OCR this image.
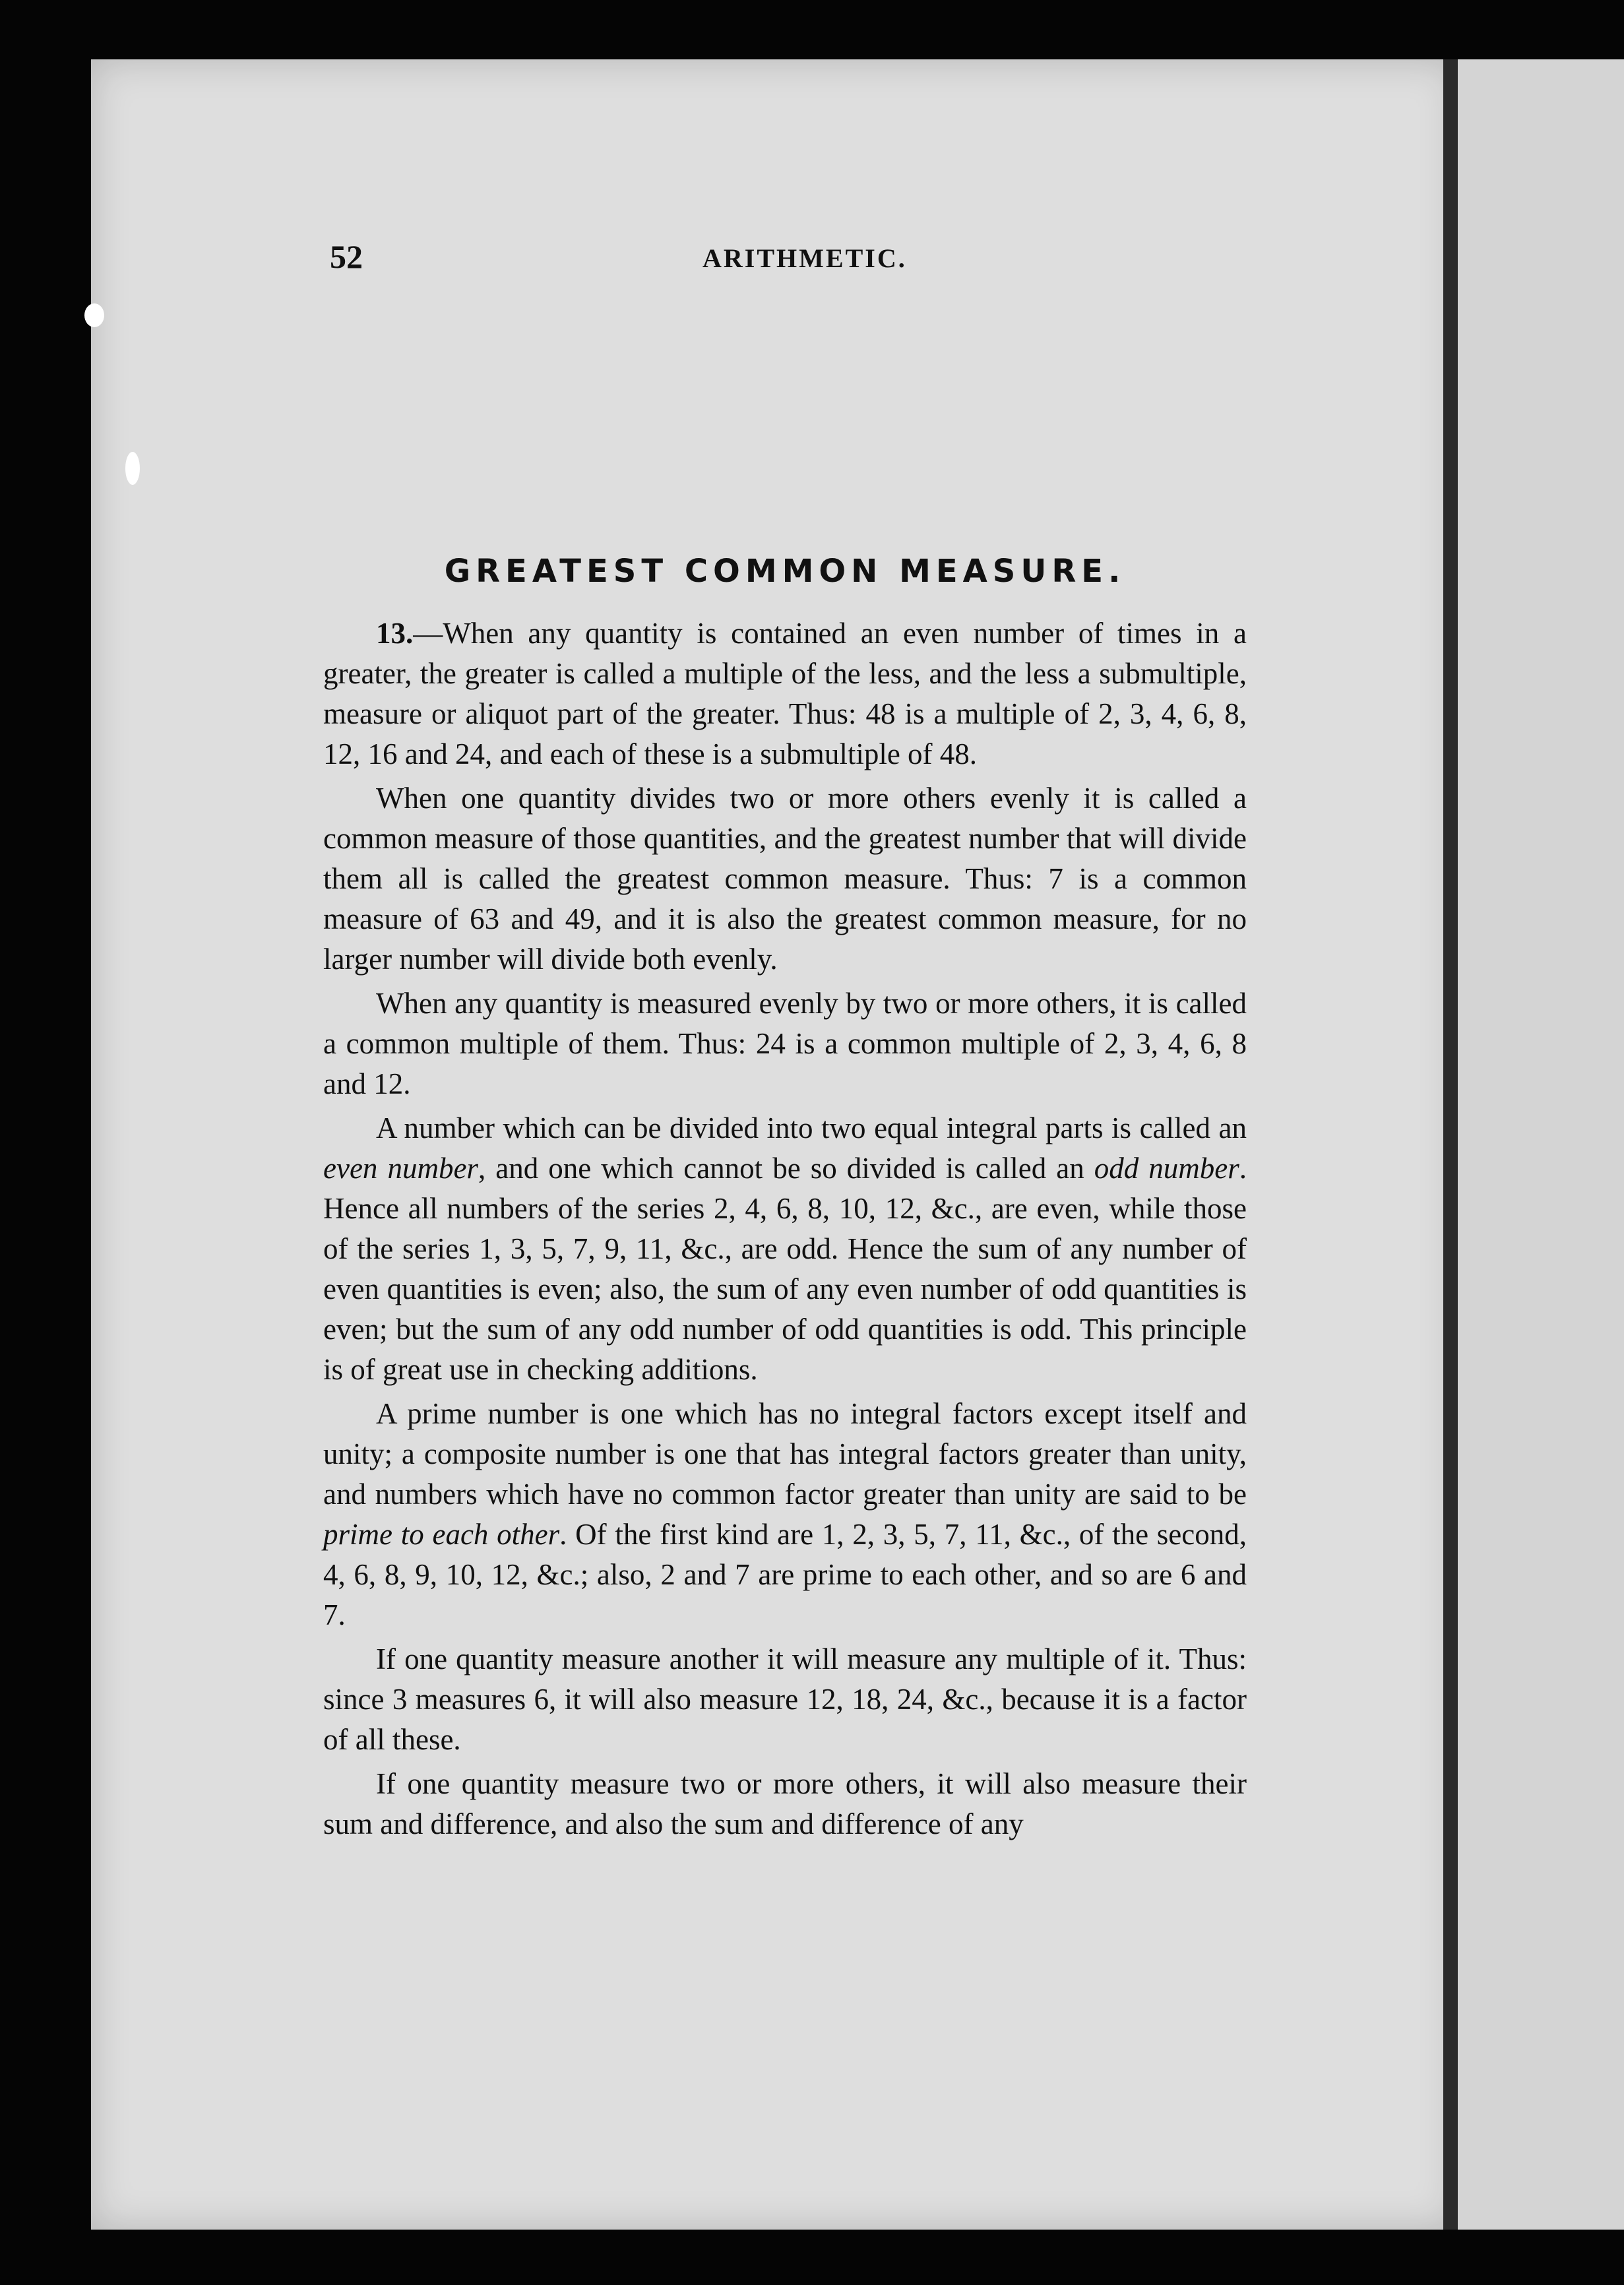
52	ARITHMETIC.
GREATEST COMMON MEASURE.

13.—When any quantity is contained an even number of times in a greater, the greater is called a multiple of the less, and the less a submultiple, measure or aliquot part of the greater. Thus: 48 is a multiple of 2, 3, 4, 6, 8, 12, 16 and 24, and each of these is a submultiple of 48.

When one quantity divides two or more others evenly it is called a common measure of those quantities, and the greatest number that will divide them all is called the greatest common measure. Thus: 7 is a common measure of 63 and 49, and it is also the greatest common measure, for no larger number will divide both evenly.

When any quantity is measured evenly by two or more others, it is called a common multiple of them. Thus: 24 is a common multiple of 2, 3, 4, 6, 8 and 12.

A number which can be divided into two equal integral parts is called an even number, and one which cannot be so divided is called an odd number. Hence all numbers of the series 2, 4, 6, 8, 10, 12, &c., are even, while those of the series 1, 3, 5, 7, 9, 11, &c., are odd. Hence the sum of any number of even quantities is even; also, the sum of any even number of odd quantities is even; but the sum of any odd number of odd quantities is odd. This principle is of great use in checking additions.

A prime number is one which has no integral factors except itself and unity; a composite number is one that has integral factors greater than unity, and numbers which have no common factor greater than unity are said to be prime to each other. Of the first kind are 1, 2, 3, 5, 7, 11, &c., of the second, 4, 6, 8, 9, 10, 12, &c.; also, 2 and 7 are prime to each other, and so are 6 and 7.

If one quantity measure another it will measure any multiple of it. Thus: since 3 measures 6, it will also measure 12, 18, 24, &c., because it is a factor of all these.

If one quantity measure two or more others, it will also measure their sum and difference, and also the sum and difference of any
